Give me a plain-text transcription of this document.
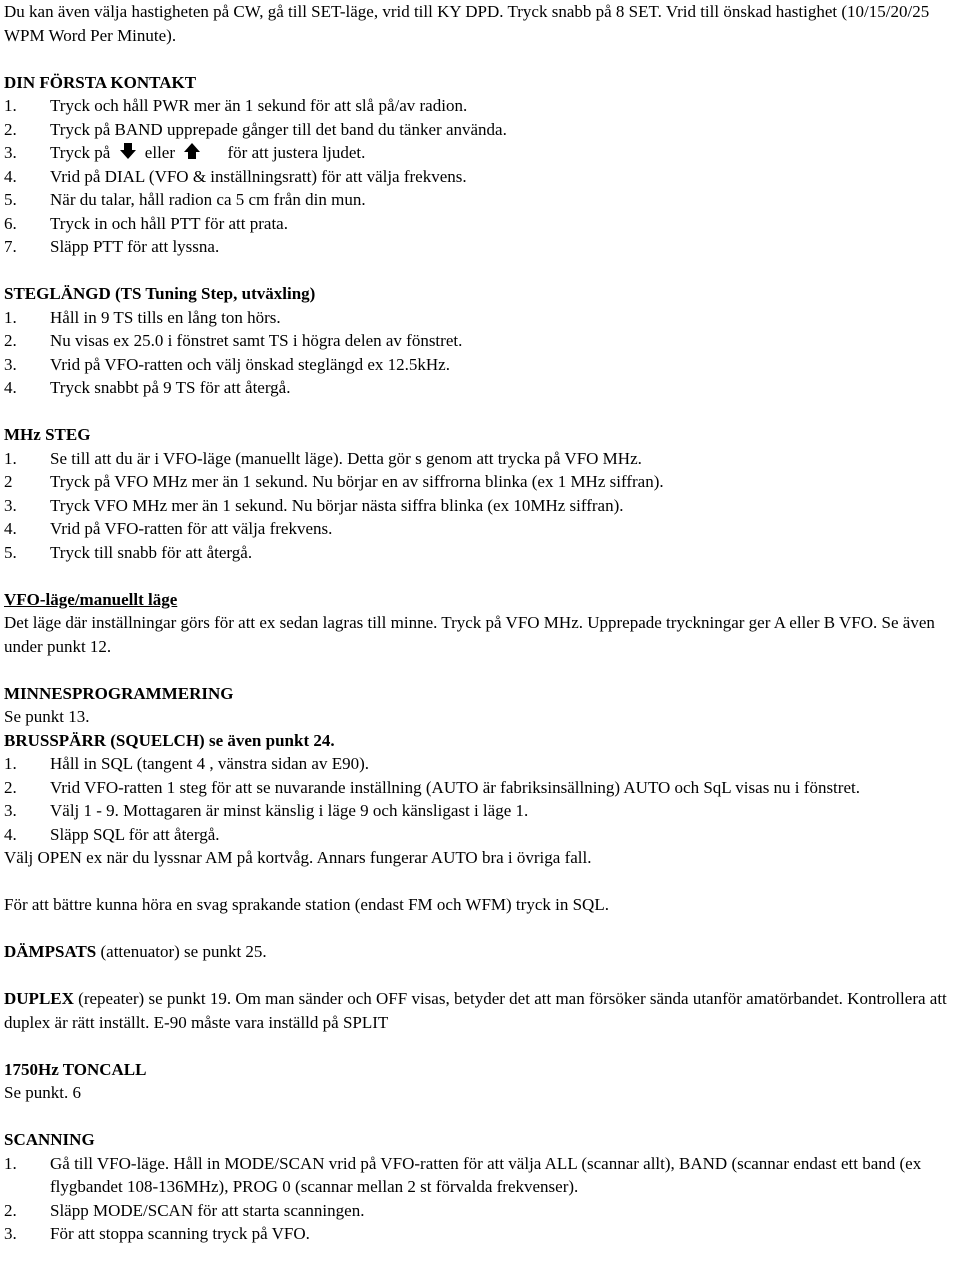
Du kan även välja hastigheten på CW, gå till SET-läge, vrid till KY DPD. Tryck snabb på 8 SET. Vrid till önskad hastighet (10/15/20/25 WPM Word Per Minute).

DIN FÖRSTA KONTAKT

1.	Tryck och håll PWR mer än 1 sekund för att slå på/av radion.
2.	Tryck på BAND upprepade gånger till det band du tänker använda.
3.	Tryck på eller	för att justera ljudet.
4.	Vrid på DIAL (VFO & inställningsratt) för att välja frekvens.
5.	När du talar, håll radion ca 5 cm från din mun.
6.	Tryck in och håll PTT för att prata.
7.	Släpp PTT för att lyssna.

STEGLÄNGD (TS Tuning Step, utväxling)

1.	Håll in 9 TS tills en lång ton hörs.
2.	Nu visas ex 25.0 i fönstret samt TS i högra delen av fönstret.
3.	Vrid på VFO-ratten och välj önskad steglängd ex 12.5kHz.
4.	Tryck snabbt på 9 TS för att återgå.

MHz STEG

1.	Se till att du är i VFO-läge (manuellt läge). Detta gör s genom att trycka på VFO MHz.
2	Tryck på VFO MHz mer än 1 sekund. Nu börjar en av siffrorna blinka (ex 1 MHz siffran).
3.	Tryck VFO MHz mer än 1 sekund. Nu börjar nästa siffra blinka (ex 10MHz siffran).
4.	Vrid på VFO-ratten för att välja frekvens.
5.	Tryck till snabb för att återgå.

VFO-läge/manuellt läge

Det läge där inställningar görs för att ex sedan lagras till minne. Tryck på VFO MHz. Upprepade tryckningar ger A eller B VFO. Se även under punkt 12.

MINNESPROGRAMMERING

Se punkt 13.

BRUSSPÄRR (SQUELCH) se även punkt 24.

1.	Håll in SQL (tangent 4 , vänstra sidan av E90).
2.	Vrid VFO-ratten 1 steg för att se nuvarande inställning (AUTO är fabriksinsällning) AUTO och SqL visas nu i fönstret.
3.	Välj 1 - 9. Mottagaren är minst känslig i läge 9 och känsligast i läge 1.
4.	Släpp SQL för att återgå.

Välj OPEN ex när du lyssnar AM på kortvåg. Annars fungerar AUTO bra i övriga fall.

För att bättre kunna höra en svag sprakande station (endast FM och WFM) tryck in SQL.

DÄMPSATS (attenuator) se punkt 25.

DUPLEX (repeater) se punkt 19. Om man sänder och OFF visas, betyder det att man försöker sända utanför amatörbandet. Kontrollera att duplex är rätt inställt. E-90 måste vara inställd på SPLIT

1750Hz TONCALL

Se punkt. 6

SCANNING

1.	Gå till VFO-läge. Håll in MODE/SCAN vrid på VFO-ratten för att välja ALL (scannar allt), BAND (scannar endast ett band (ex flygbandet 108-136MHz), PROG 0 (scannar mellan 2 st förvalda frekvenser).
2.	Släpp MODE/SCAN för att starta scanningen.
3.	För att stoppa scanning tryck på VFO.
